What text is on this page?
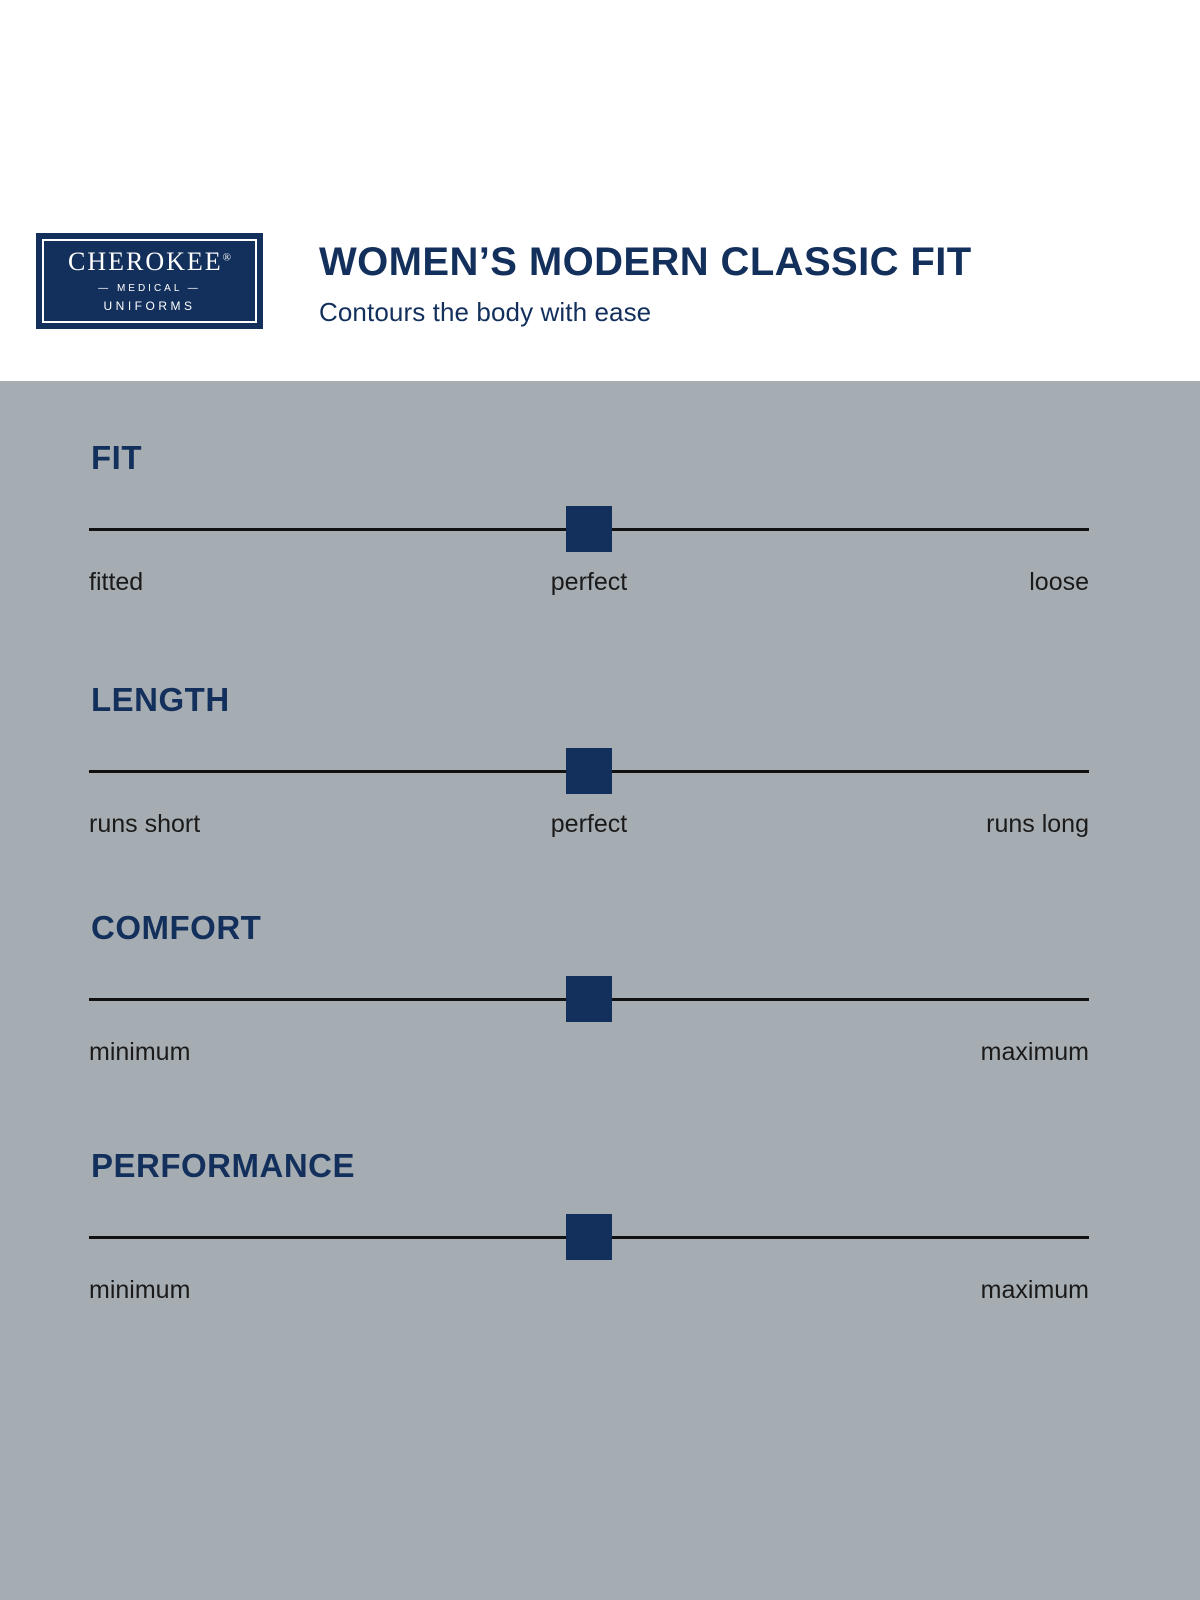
CHEROKEE®
— MEDICAL —
UNIFORMS
WOMEN’S MODERN CLASSIC FIT
Contours the body with ease
FIT
fitted	perfect	loose
LENGTH
runs short	perfect	runs long
COMFORT
minimum	maximum
PERFORMANCE
minimum	maximum
